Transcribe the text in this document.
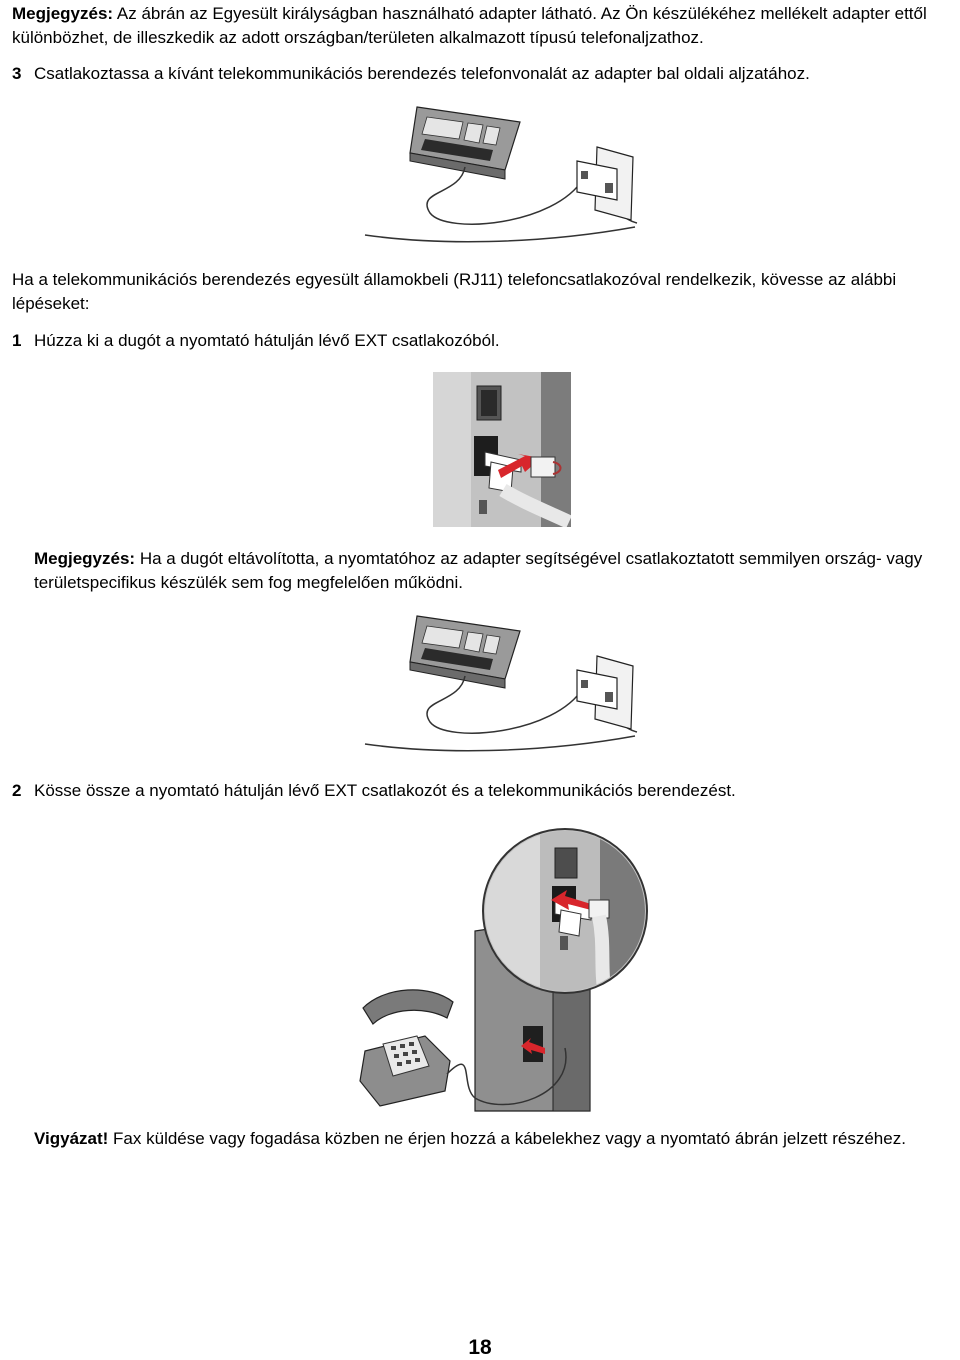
Megjegyzés: Az ábrán az Egyesült királyságban használható adapter látható. Az Ön készülékéhez mellékelt adapter ettől különbözhet, de illeszkedik az adott országban/területen alkalmazott típusú telefonaljzathoz.

3 Csatlakoztassa a kívánt telekommunikációs berendezés telefonvonalát az adapter bal oldali aljzatához.

Ha a telekommunikációs berendezés egyesült államokbeli (RJ11) telefoncsatlakozóval rendelkezik, kövesse az alábbi lépéseket:

1 Húzza ki a dugót a nyomtató hátulján lévő EXT csatlakozóból.

Megjegyzés: Ha a dugót eltávolította, a nyomtatóhoz az adapter segítségével csatlakoztatott semmilyen ország- vagy területspecifikus készülék sem fog megfelelően működni.

2 Kösse össze a nyomtató hátulján lévő EXT csatlakozót és a telekommunikációs berendezést.

Vigyázat! Fax küldése vagy fogadása közben ne érjen hozzá a kábelekhez vagy a nyomtató ábrán jelzett részéhez.

18
